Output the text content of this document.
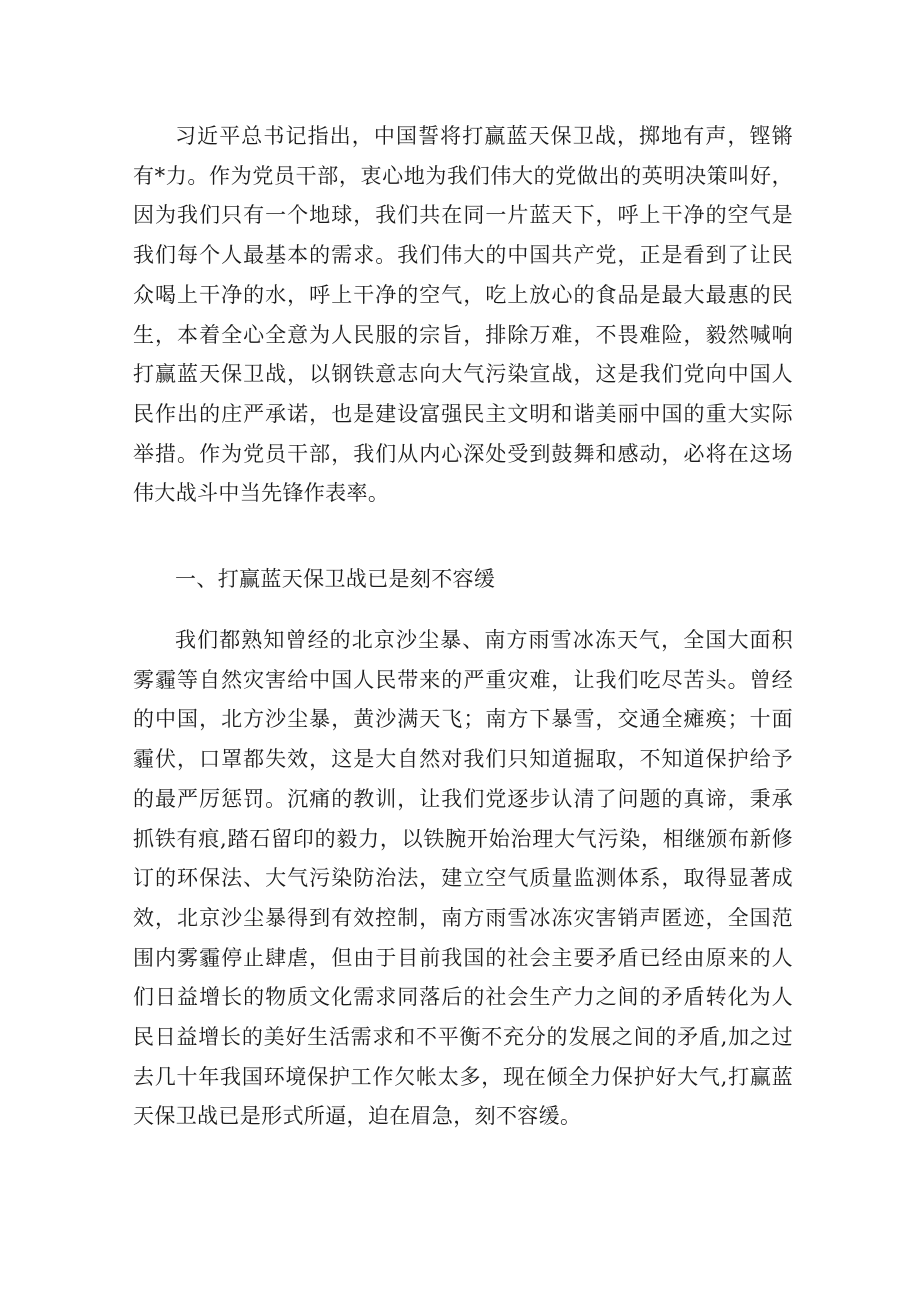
习近平总书记指出，中国誓将打赢蓝天保卫战，掷地有声，铿锵有*力。作为党员干部，衷心地为我们伟大的党做出的英明决策叫好，因为我们只有一个地球，我们共在同一片蓝天下，呼上干净的空气是我们每个人最基本的需求。我们伟大的中国共产党，正是看到了让民众喝上干净的水，呼上干净的空气，吃上放心的食品是最大最惠的民生，本着全心全意为人民服的宗旨，排除万难，不畏难险，毅然喊响打赢蓝天保卫战，以钢铁意志向大气污染宣战，这是我们党向中国人民作出的庄严承诺，也是建设富强民主文明和谐美丽中国的重大实际举措。作为党员干部，我们从内心深处受到鼓舞和感动，必将在这场伟大战斗中当先锋作表率。

一、打赢蓝天保卫战已是刻不容缓

我们都熟知曾经的北京沙尘暴、南方雨雪冰冻天气，全国大面积雾霾等自然灾害给中国人民带来的严重灾难，让我们吃尽苦头。曾经的中国，北方沙尘暴，黄沙满天飞；南方下暴雪，交通全瘫痪；十面霾伏，口罩都失效，这是大自然对我们只知道掘取，不知道保护给予的最严厉惩罚。沉痛的教训，让我们党逐步认清了问题的真谛，秉承抓铁有痕,踏石留印的毅力，以铁腕开始治理大气污染，相继颁布新修订的环保法、大气污染防治法，建立空气质量监测体系，取得显著成效，北京沙尘暴得到有效控制，南方雨雪冰冻灾害销声匿迹，全国范围内雾霾停止肆虐，但由于目前我国的社会主要矛盾已经由原来的人们日益增长的物质文化需求同落后的社会生产力之间的矛盾转化为人民日益增长的美好生活需求和不平衡不充分的发展之间的矛盾,加之过去几十年我国环境保护工作欠帐太多，现在倾全力保护好大气,打赢蓝天保卫战已是形式所逼，迫在眉急，刻不容缓。
